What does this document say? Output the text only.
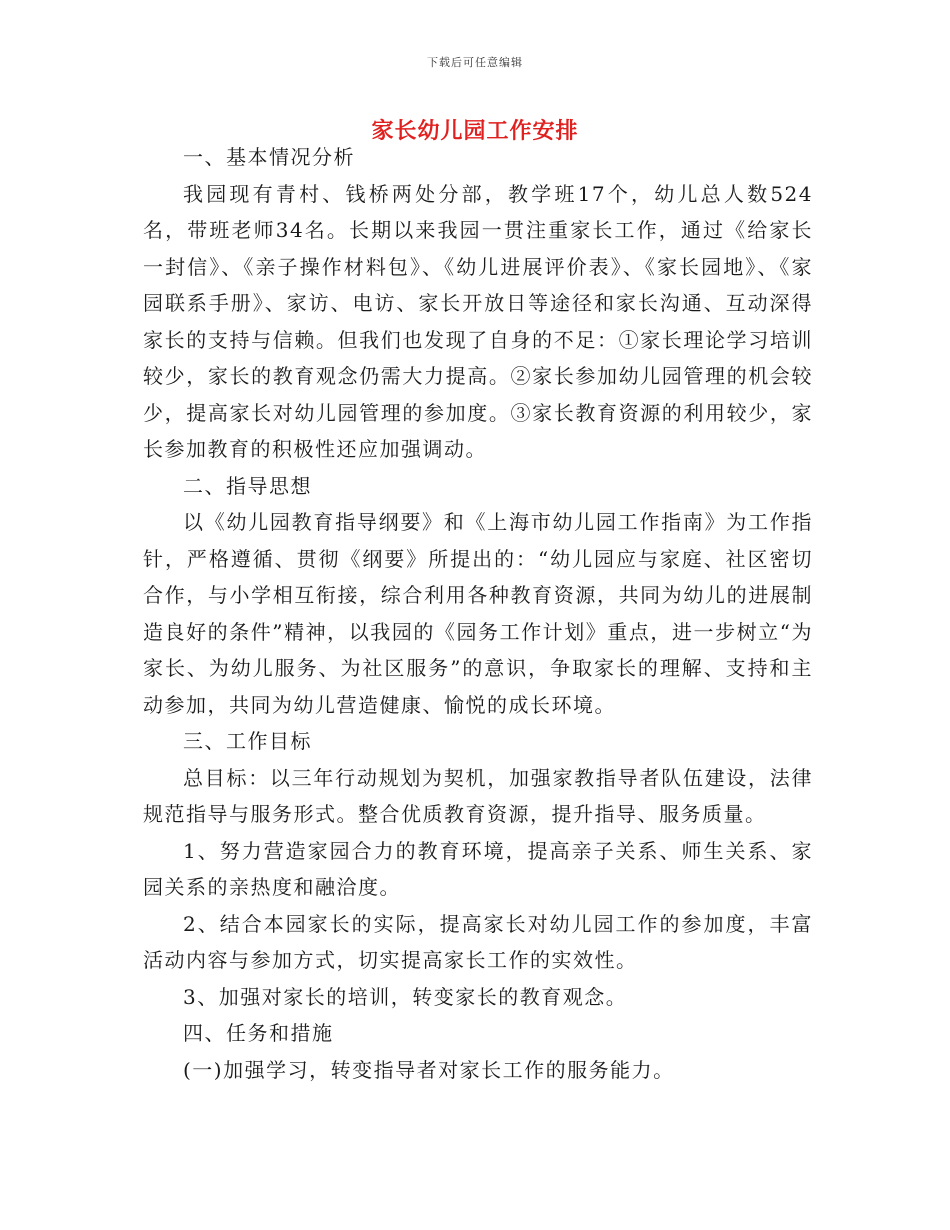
下载后可任意编辑
家长幼儿园工作安排

一、基本情况分析

我园现有青村、钱桥两处分部，教学班17个，幼儿总人数524名，带班老师34名。长期以来我园一贯注重家长工作，通过《给家长一封信》、《亲子操作材料包》、《幼儿进展评价表》、《家长园地》、《家园联系手册》、家访、电访、家长开放日等途径和家长沟通、互动深得家长的支持与信赖。但我们也发现了自身的不足：①家长理论学习培训较少，家长的教育观念仍需大力提高。②家长参加幼儿园管理的机会较少，提高家长对幼儿园管理的参加度。③家长教育资源的利用较少，家长参加教育的积极性还应加强调动。

二、指导思想

以《幼儿园教育指导纲要》和《上海市幼儿园工作指南》为工作指针，严格遵循、贯彻《纲要》所提出的：“幼儿园应与家庭、社区密切合作，与小学相互衔接，综合利用各种教育资源，共同为幼儿的进展制造良好的条件”精神，以我园的《园务工作计划》重点，进一步树立“为家长、为幼儿服务、为社区服务”的意识，争取家长的理解、支持和主动参加，共同为幼儿营造健康、愉悦的成长环境。

三、工作目标

总目标：以三年行动规划为契机，加强家教指导者队伍建设，法律规范指导与服务形式。整合优质教育资源，提升指导、服务质量。

1、努力营造家园合力的教育环境，提高亲子关系、师生关系、家园关系的亲热度和融洽度。

2、结合本园家长的实际，提高家长对幼儿园工作的参加度，丰富活动内容与参加方式，切实提高家长工作的实效性。

3、加强对家长的培训，转变家长的教育观念。

四、任务和措施

(一)加强学习，转变指导者对家长工作的服务能力。
